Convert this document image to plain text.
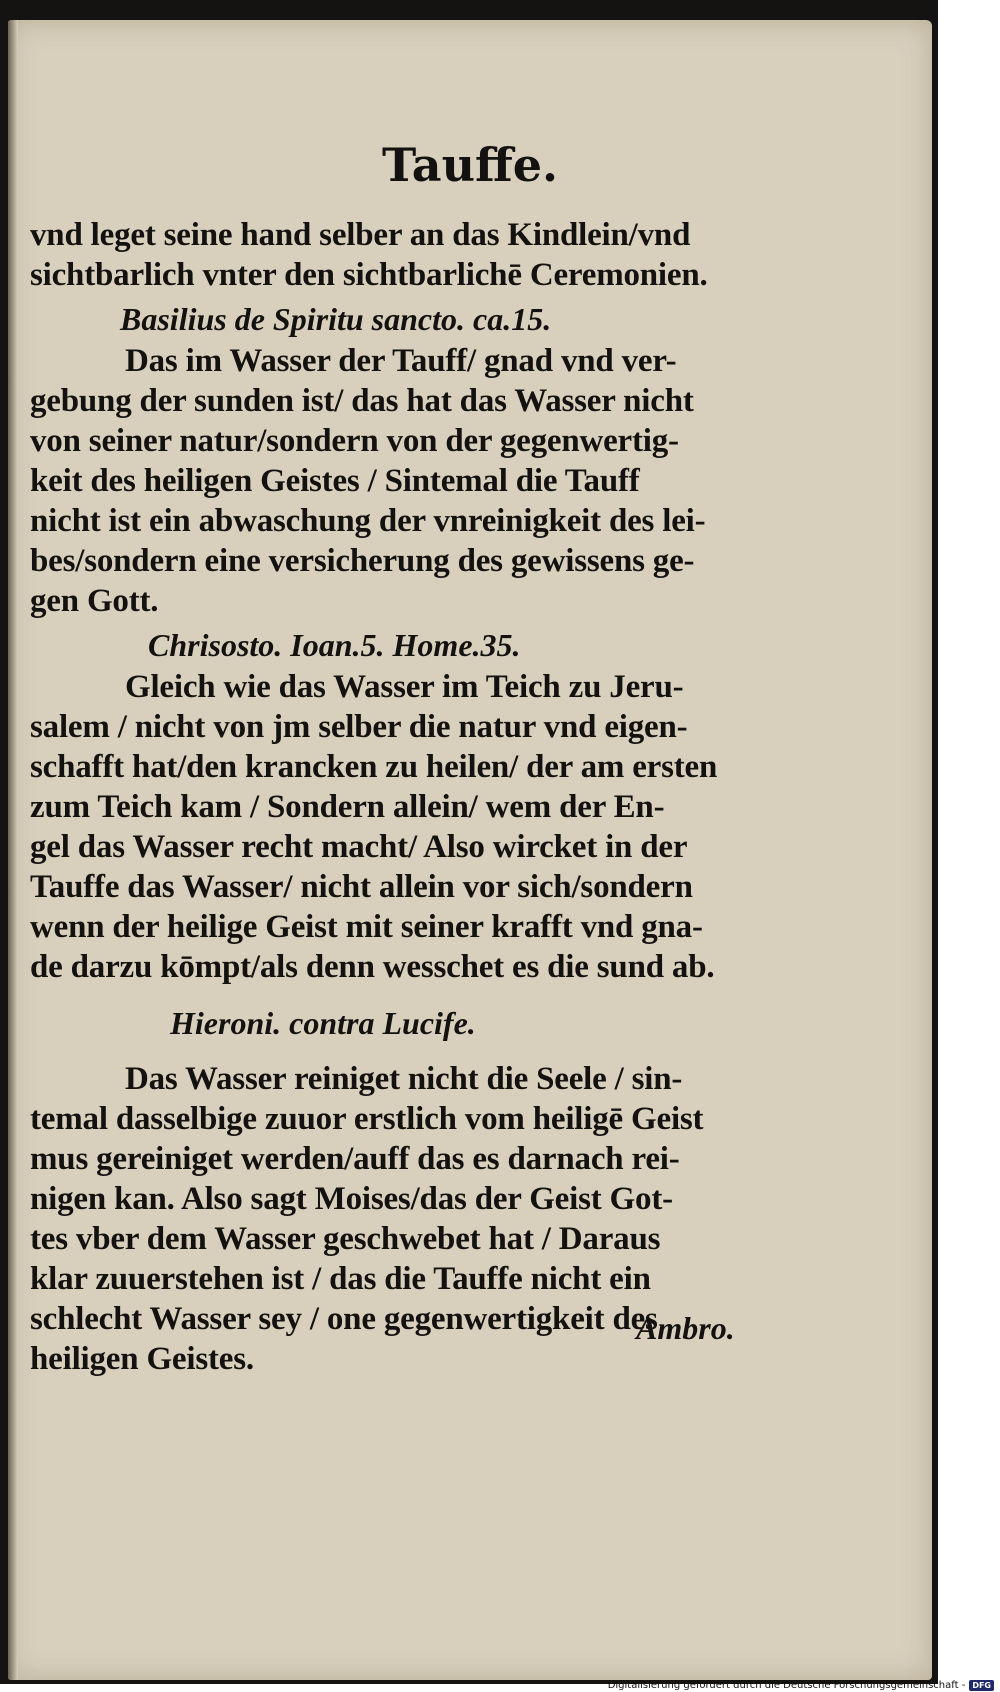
Tauffe.
vnd leget seine hand selber an das Kindlein/vnd
sichtbarlich vnter den sichtbarlichē Ceremonien.
Basilius de Spiritu sancto. ca.15.
Das im Wasser der Tauff/ gnad vnd ver-
gebung der sunden ist/ das hat das Wasser nicht
von seiner natur/sondern von der gegenwertig-
keit des heiligen Geistes / Sintemal die Tauff
nicht ist ein abwaschung der vnreinigkeit des lei-
bes/sondern eine versicherung des gewissens ge-
gen Gott.
Chrisosto. Ioan.5. Home.35.
Gleich wie das Wasser im Teich zu Jeru-
salem / nicht von jm selber die natur vnd eigen-
schafft hat/den krancken zu heilen/ der am ersten
zum Teich kam / Sondern allein/ wem der En-
gel das Wasser recht macht/ Also wircket in der
Tauffe das Wasser/ nicht allein vor sich/sondern
wenn der heilige Geist mit seiner krafft vnd gna-
de darzu kōmpt/als denn wesschet es die sund ab.
Hieroni. contra Lucife.
Das Wasser reiniget nicht die Seele / sin-
temal dasselbige zuuor erstlich vom heiligē Geist
mus gereiniget werden/auff das es darnach rei-
nigen kan. Also sagt Moises/das der Geist Got-
tes vber dem Wasser geschwebet hat / Daraus
klar zuuerstehen ist / das die Tauffe nicht ein
schlecht Wasser sey / one gegenwertigkeit des
heiligen Geistes.
Ambro.
Digitalisierung gefördert durch die Deutsche Forschungsgemeinschaft - DFG
